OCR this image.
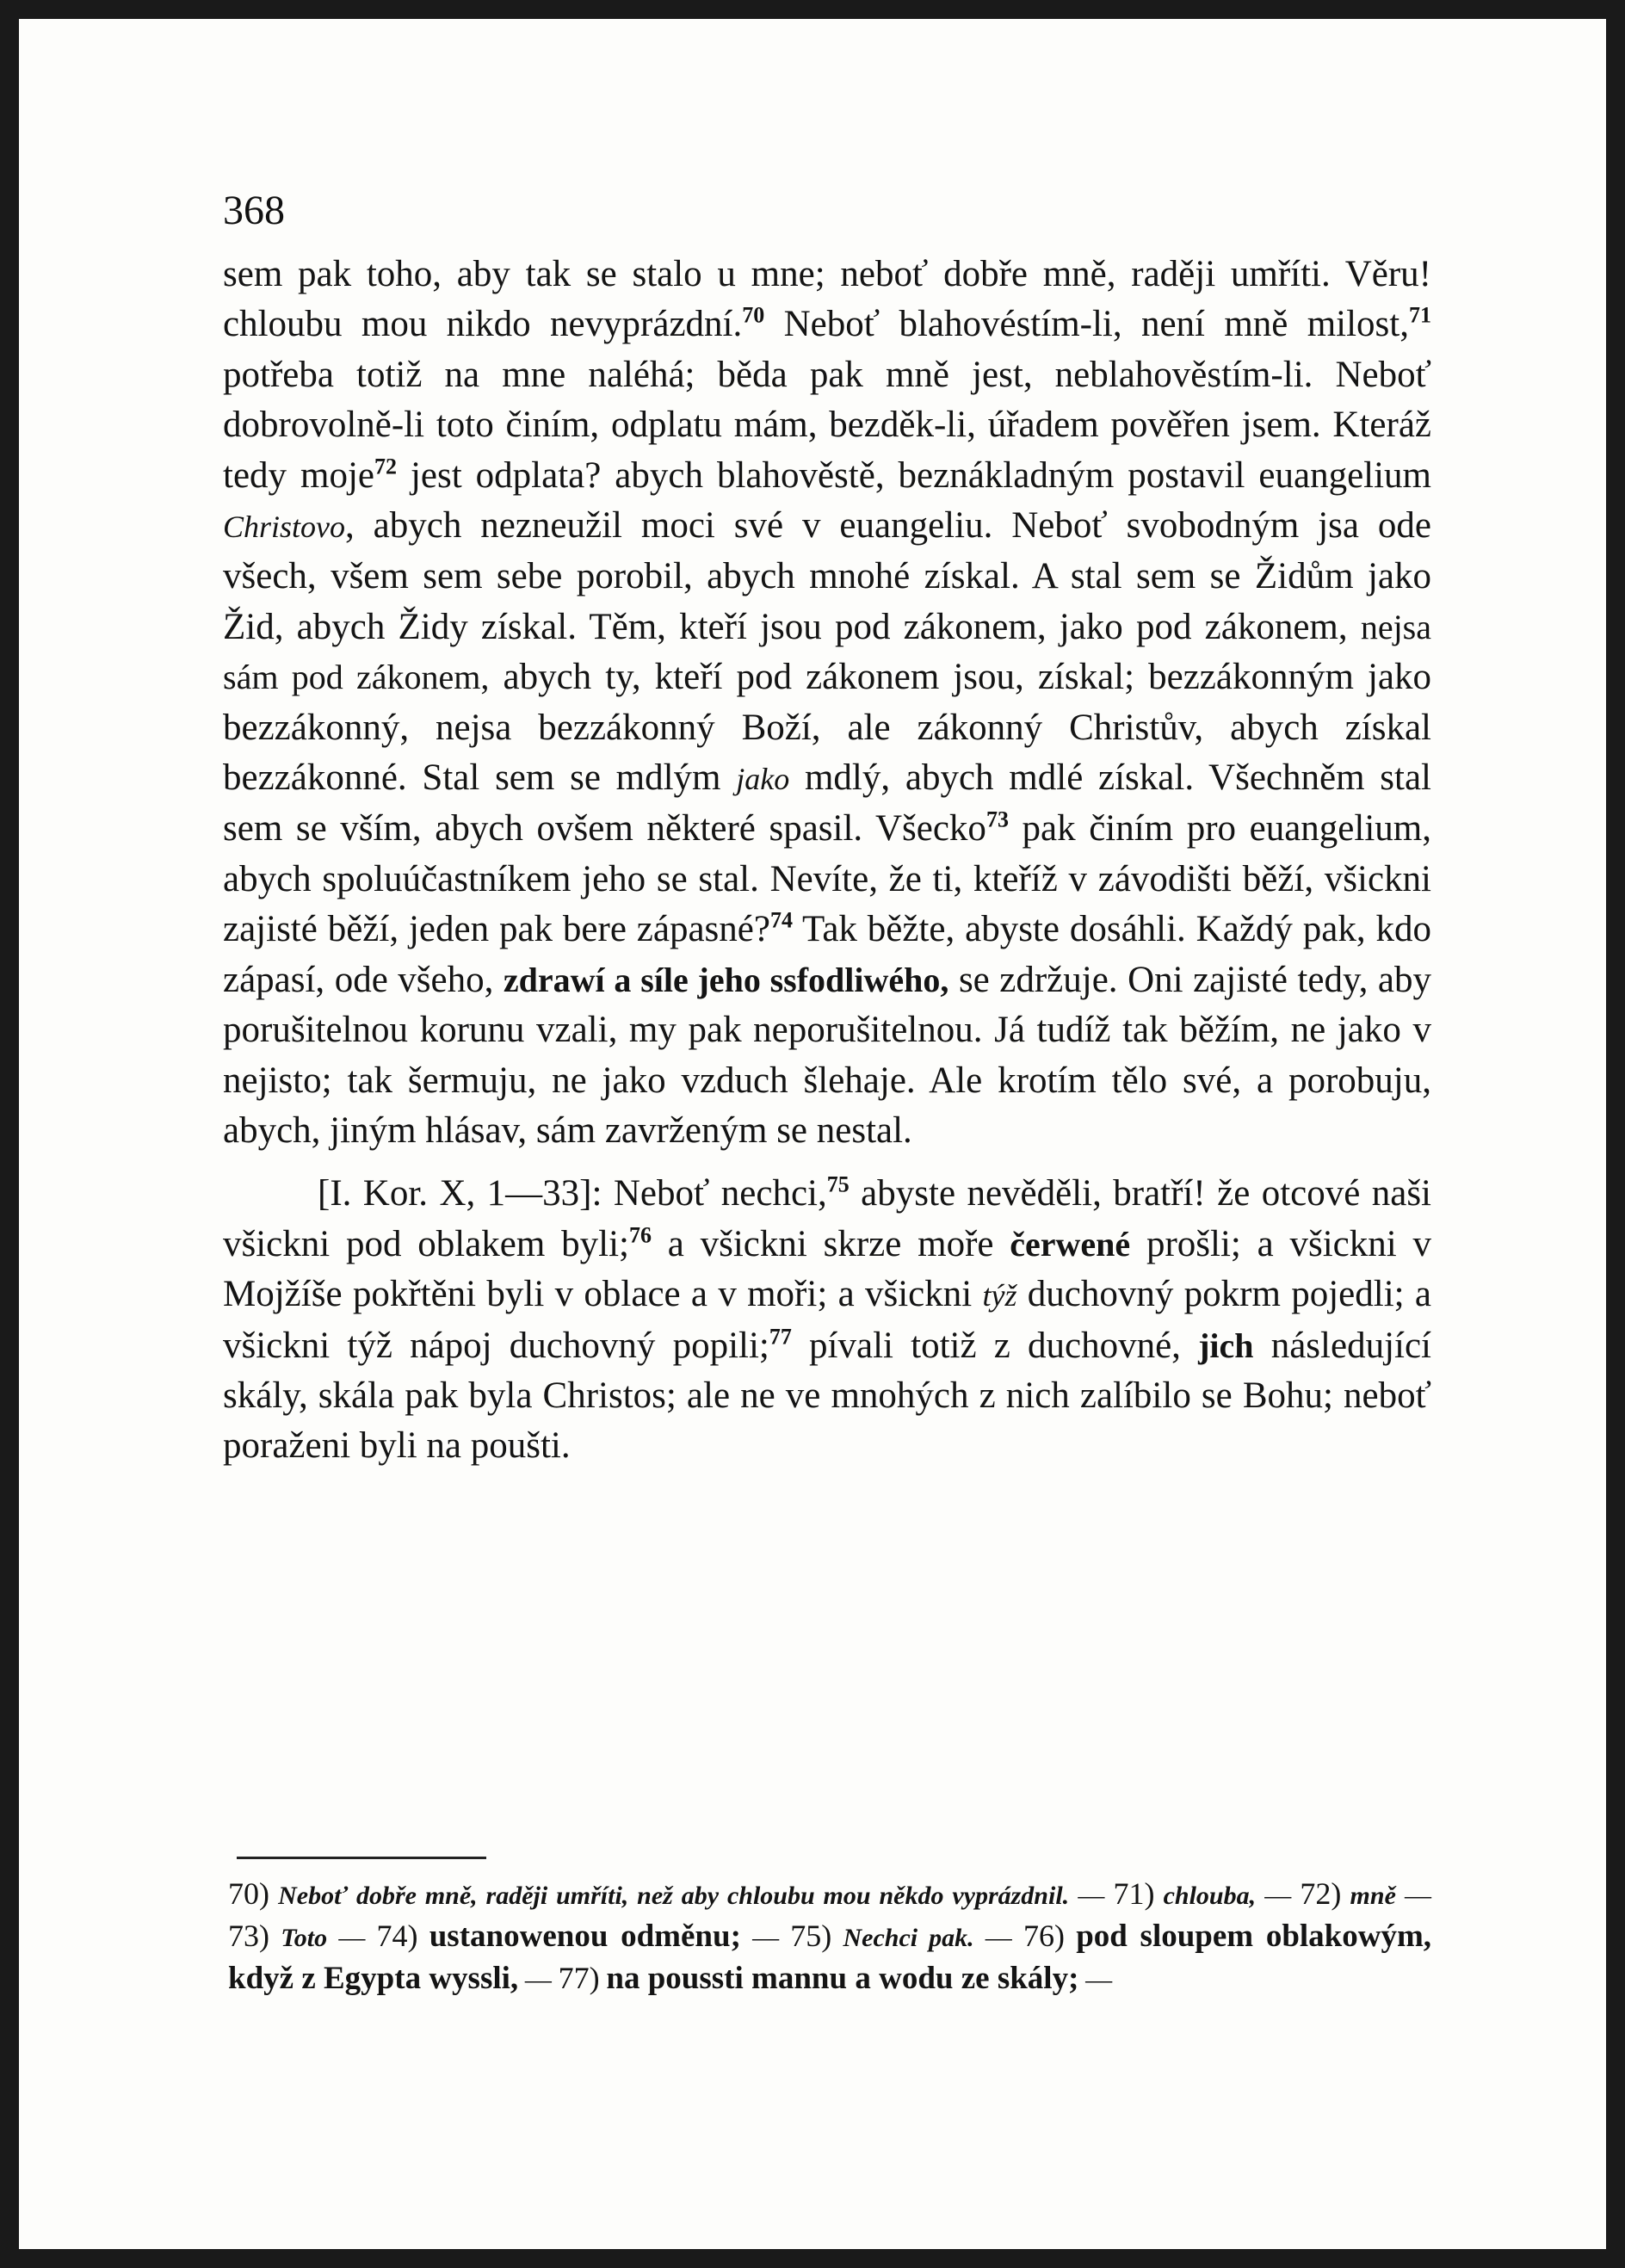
368

sem pak toho, aby tak se stalo u mne; neboť dobře mně, raději umříti. Věru! chloubu mou nikdo nevyprázdní.$^{70}$ Neboť blahovéstím-li, není mně milost,$^{71}$ potřeba totiž na mne naléhá; běda pak mně jest, neblahověstím-li. Neboť dobrovolně-li toto činím, odplatu mám, bezděk-li, úřadem pověřen jsem. Kteráž tedy moje$^{72}$ jest odplata? abych blahověstě, beznákladným postavil euangelium Christovo, abych nezneužil moci své v euangeliu. Neboť svobodným jsa ode všech, všem sem sebe porobil, abych mnohé získal. A stal sem se Židům jako Žid, abych Židy získal. Těm, kteří jsou pod zákonem, jako pod zákonem, nejsa sám pod zákonem, abych ty, kteří pod zákonem jsou, získal; bezzákonným jako bezzákonný, nejsa bezzákonný Boží, ale zákonný Christův, abych získal bezzákonné. Stal sem se mdlým jako mdlý, abych mdlé získal. Všechněm stal sem se vším, abych ovšem některé spasil. Všecko$^{73}$ pak činím pro euangelium, abych spoluúčastníkem jeho se stal. Nevíte, že ti, kteříž v závodišti běží, všickni zajisté běží, jeden pak bere zápasné?$^{74}$ Tak běžte, abyste dosáhli. Každý pak, kdo zápasí, ode všeho, zdrawí a síle jeho ssfodliwého, se zdržuje. Oni zajisté tedy, aby porušitelnou korunu vzali, my pak neporušitelnou. Já tudíž tak běžím, ne jako v nejisto; tak šermuju, ne jako vzduch šlehaje. Ale krotím tělo své, a porobuju, abych, jiným hlásav, sám zavrženým se nestal.

[I. Kor. X, 1—33]: Neboť nechci,$^{75}$ abyste nevěděli, bratří! že otcové naši všickni pod oblakem byli;$^{76}$ a všickni skrze moře čerwené prošli; a všickni v Mojžíše pokřtěni byli v oblace a v moři; a všickni týž duchovný pokrm pojedli; a všickni týž nápoj duchovný popili;$^{77}$ pívali totiž z duchovné, jich následující skály, skála pak byla Christos; ale ne ve mnohých z nich zalíbilo se Bohu; neboť poraženi byli na poušti.

70) Neboť dobře mně, raději umříti, než aby chloubu mou někdo vyprázdnil. — 71) chlouba, — 72) mně — 73) Toto — 74) ustanowenou odměnu; — 75) Nechci pak. — 76) pod sloupem oblakowým, když z Egypta wyssli, — 77) na poussti mannu a wodu ze skály; —
